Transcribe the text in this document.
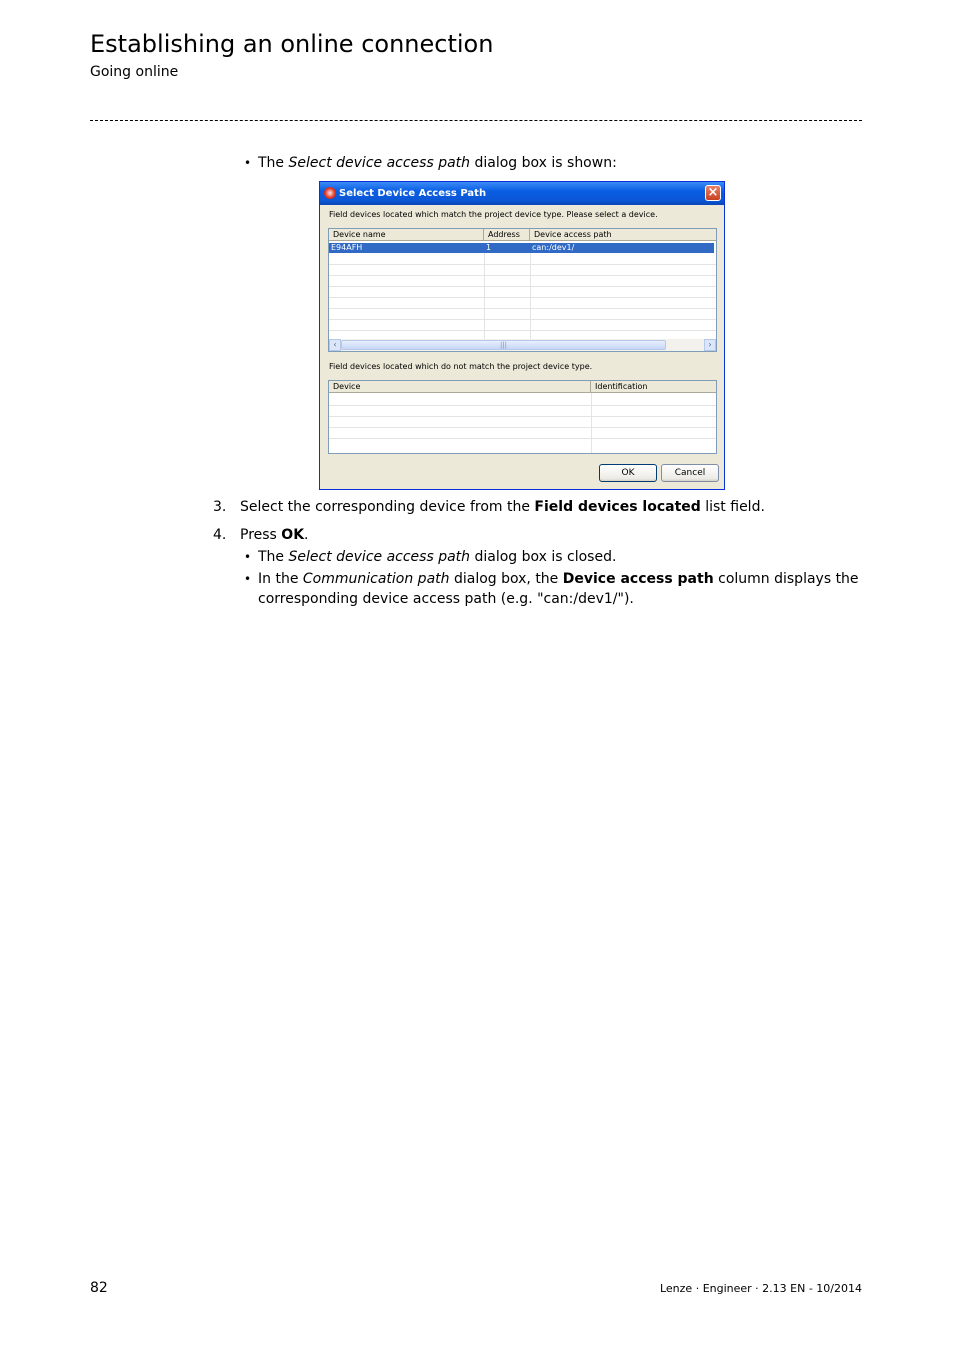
Establishing an online connection
Going online
• The Select device access path dialog box is shown:
Select Device Access Path	×
Field devices located which match the project device type. Please select a device.
Device name	Address	Device access path
E94AFH	1	can:/dev1/
‹	|||	›
Field devices located which do not match the project device type.
Device	Identification
OK	Cancel
3. Select the corresponding device from the Field devices located list field.
4. Press OK.
• The Select device access path dialog box is closed.
• In the Communication path dialog box, the Device access path column displays the
corresponding device access path (e.g. "can:/dev1/").
82	Lenze · Engineer · 2.13 EN - 10/2014
